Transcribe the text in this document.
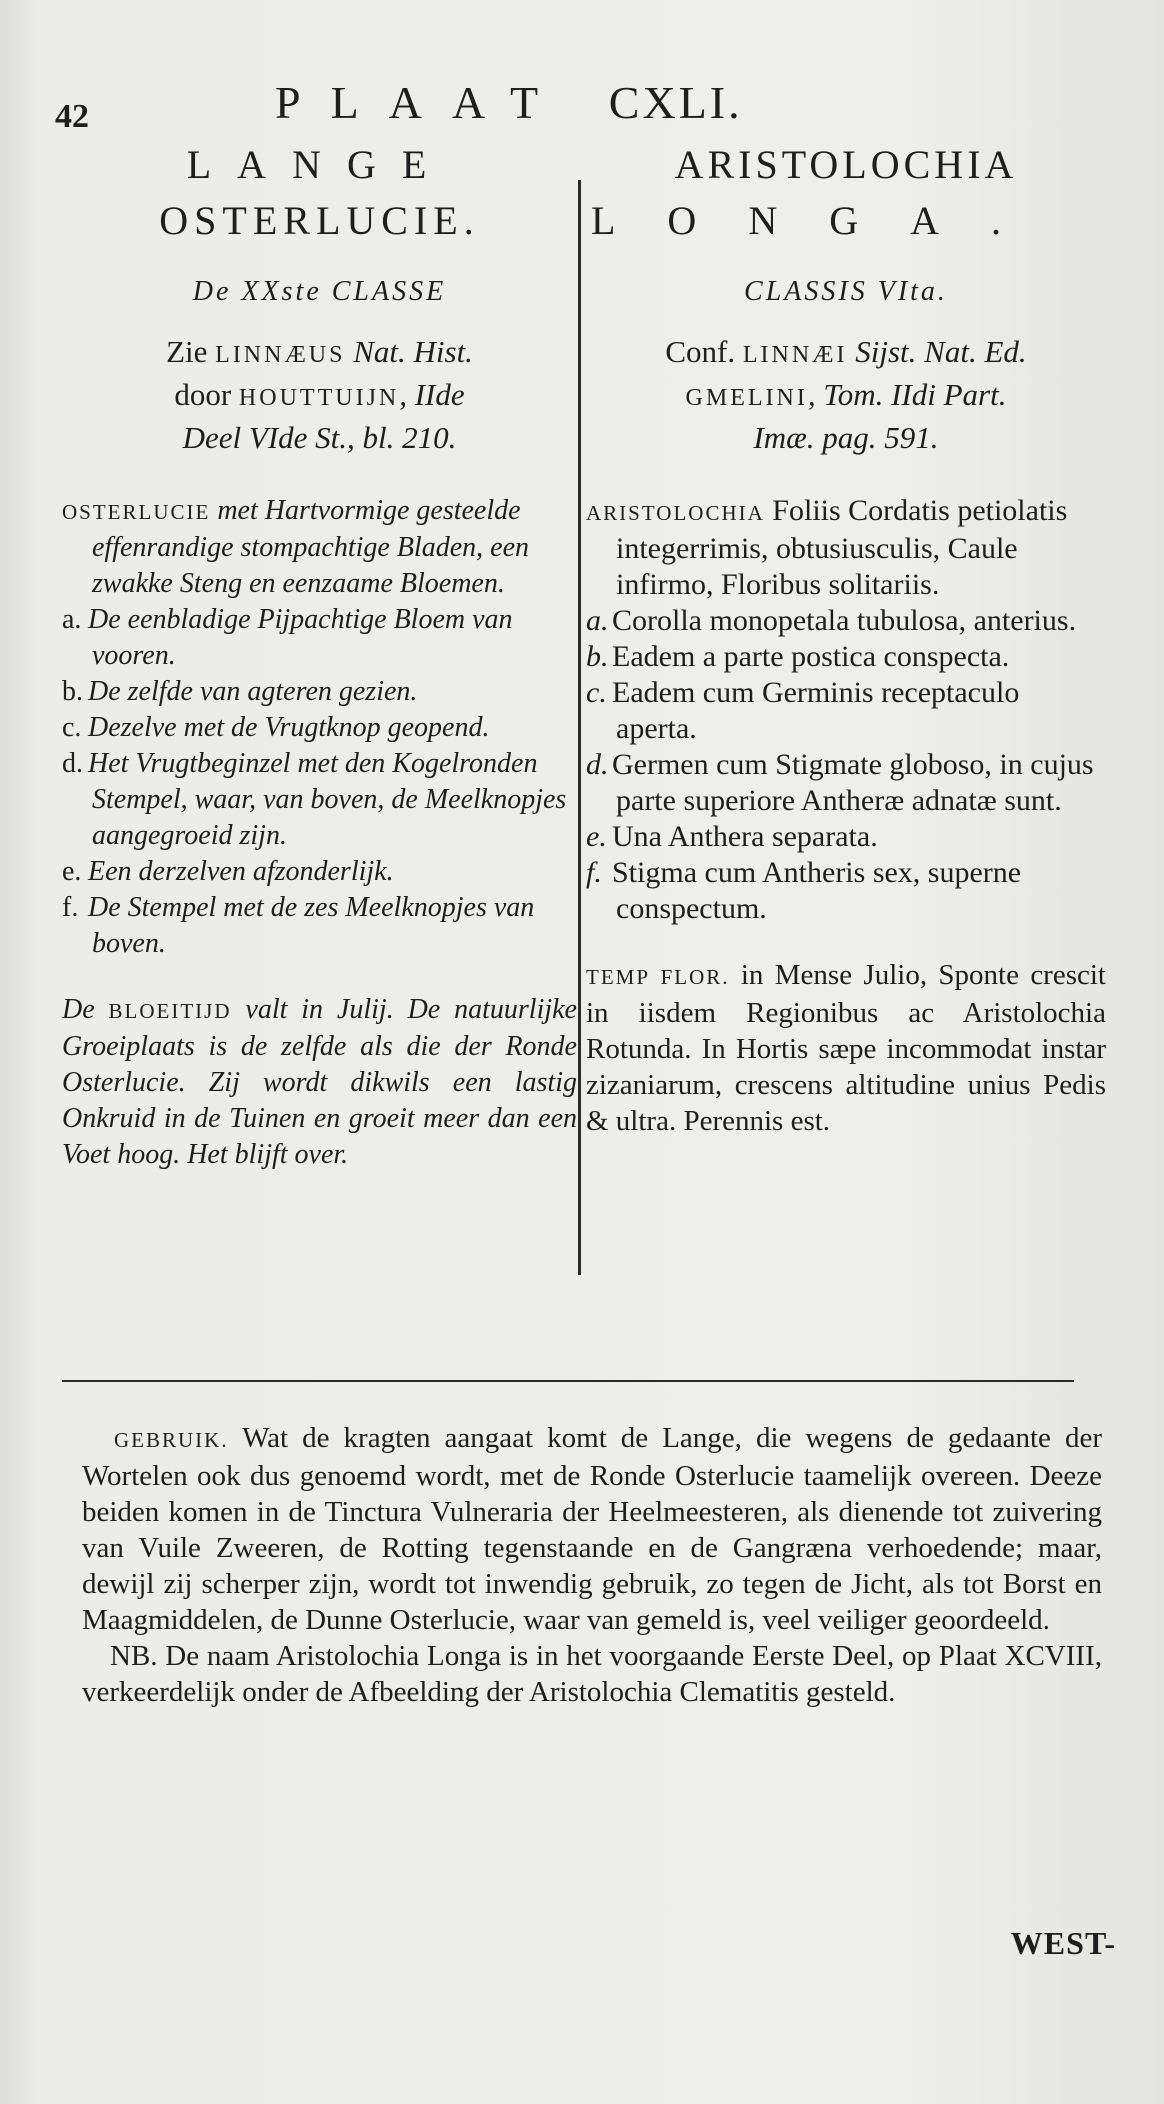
42	PLAAT CXLI.
LANGE
OSTERLUCIE.
De XXste CLASSE
Zie LINNÆUS Nat. Hist.
door HOUTTUIJN, IIde
Deel VIde St., bl. 210.
OSTERLUCIE met Hartvormige gesteelde effenrandige stompachtige Bladen, een zwakke Steng en eenzaame Bloemen.
a. De eenbladige Pijpachtige Bloem van vooren.
b. De zelfde van agteren gezien.
c. Dezelve met de Vrugtknop geopend.
d. Het Vrugtbeginzel met den Kogelronden Stempel, waar, van boven, de Meelknopjes aangegroeid zijn.
e. Een derzelven afzonderlijk.
f. De Stempel met de zes Meelknopjes van boven.
De BLOEITIJD valt in Julij. De natuurlijke Groeiplaats is de zelfde als die der Ronde Osterlucie. Zij wordt dikwils een lastig Onkruid in de Tuinen en groeit meer dan een Voet hoog. Het blijft over.
ARISTOLOCHIA
LONGA.
CLASSIS VIta.
Conf. LINNÆI Sijst. Nat. Ed.
GMELINI, Tom. IIdi Part.
Imæ. pag. 591.
ARISTOLOCHIA Foliis Cordatis petiolatis integerrimis, obtusiusculis, Caule infirmo, Floribus solitariis.
a. Corolla monopetala tubulosa, anterius.
b. Eadem a parte postica conspecta.
c. Eadem cum Germinis receptaculo aperta.
d. Germen cum Stigmate globoso, in cujus parte superiore Antheræ adnatæ sunt.
e. Una Anthera separata.
f. Stigma cum Antheris sex, superne conspectum.
TEMP FLOR. in Mense Julio, Sponte crescit in iisdem Regionibus ac Aristolochia Rotunda. In Hortis sæpe incommodat instar zizaniarum, crescens altitudine unius Pedis & ultra. Perennis est.

GEBRUIK. Wat de kragten aangaat komt de Lange, die wegens de gedaante der Wortelen ook dus genoemd wordt, met de Ronde Osterlucie taamelijk overeen. Deeze beiden komen in de Tinctura Vulneraria der Heelmeesteren, als dienende tot zuivering van Vuile Zweeren, de Rotting tegenstaande en de Gangræna verhoedende; maar, dewijl zij scherper zijn, wordt tot inwendig gebruik, zo tegen de Jicht, als tot Borst en Maagmiddelen, de Dunne Osterlucie, waar van gemeld is, veel veiliger geoordeeld.

NB. De naam Aristolochia Longa is in het voorgaande Eerste Deel, op Plaat XCVIII, verkeerdelijk onder de Afbeelding der Aristolochia Clematitis gesteld.

WEST-
